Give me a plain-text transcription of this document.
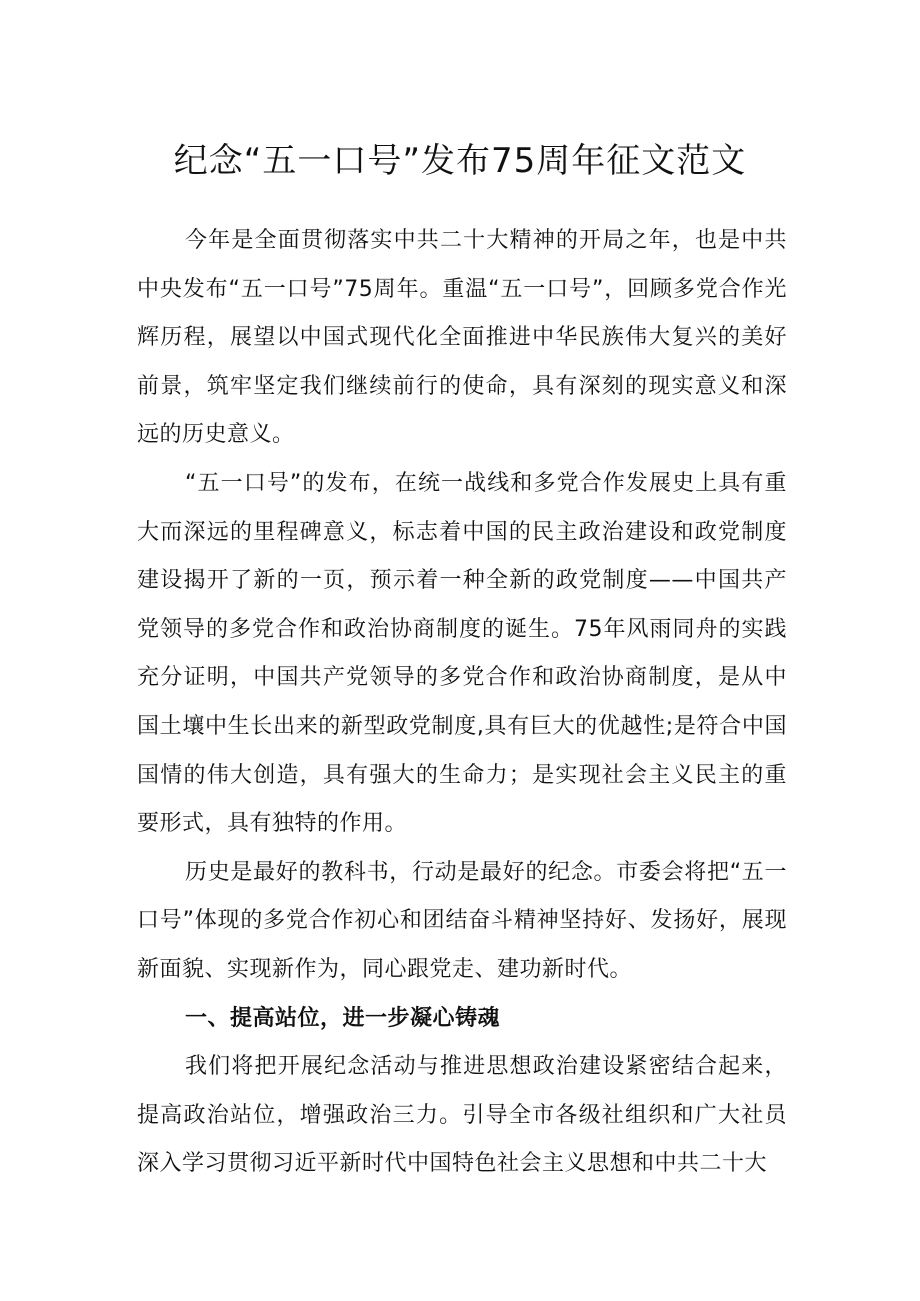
纪念“五一口号”发布75周年征文范文

今年是全面贯彻落实中共二十大精神的开局之年，也是中共中央发布“五一口号”75周年。重温“五一口号”，回顾多党合作光辉历程，展望以中国式现代化全面推进中华民族伟大复兴的美好前景，筑牢坚定我们继续前行的使命，具有深刻的现实意义和深远的历史意义。

“五一口号”的发布，在统一战线和多党合作发展史上具有重大而深远的里程碑意义，标志着中国的民主政治建设和政党制度建设揭开了新的一页，预示着一种全新的政党制度——中国共产党领导的多党合作和政治协商制度的诞生。75年风雨同舟的实践充分证明，中国共产党领导的多党合作和政治协商制度，是从中国土壤中生长出来的新型政党制度,具有巨大的优越性;是符合中国国情的伟大创造，具有强大的生命力；是实现社会主义民主的重要形式，具有独特的作用。

历史是最好的教科书，行动是最好的纪念。市委会将把“五一口号”体现的多党合作初心和团结奋斗精神坚持好、发扬好，展现新面貌、实现新作为，同心跟党走、建功新时代。

一、提高站位，进一步凝心铸魂

我们将把开展纪念活动与推进思想政治建设紧密结合起来，提高政治站位，增强政治三力。引导全市各级社组织和广大社员深入学习贯彻习近平新时代中国特色社会主义思想和中共二十大
